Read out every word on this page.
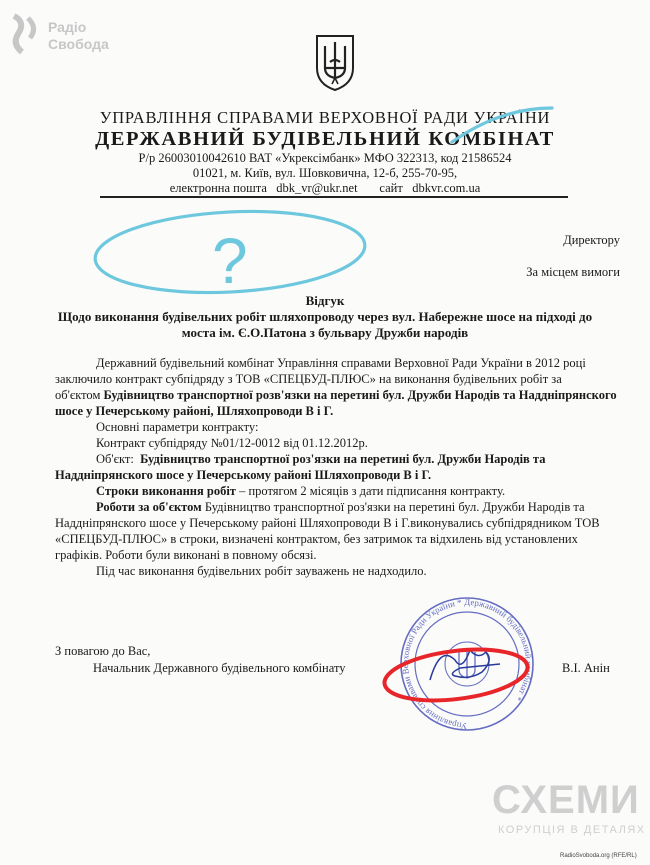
Радіо
Свобода
УПРАВЛІННЯ СПРАВАМИ ВЕРХОВНОЇ РАДИ УКРАЇНИ
ДЕРЖАВНИЙ БУДІВЕЛЬНИЙ КОМБІНАТ
Р/р 26003010042610 ВАТ «Укрексімбанк» МФО 322313, код 21586524
01021, м. Київ, вул. Шовковична, 12-б, 255-70-95,
електронна пошта dbk_vr@ukr.net сайт dbkvr.com.ua
Директору
За місцем вимоги
Відгук
Щодо виконання будівельних робіт шляхопроводу через вул. Набережне шосе на підході до
моста ім. Є.О.Патона з бульвару Дружби народів
Державний будівельний комбінат Управління справами Верховної Ради України в 2012 році
заключило контракт субпідряду з ТОВ «СПЕЦБУД-ПЛЮС» на виконання будівельних робіт за
об'єктом Будівництво транспортної розв'язки на перетині бул. Дружби Народів та Наддніпрянского
шосе у Печерському районі, Шляхопроводи В і Г.
Основні параметри контракту:
Контракт субпідряду №01/12-0012 від 01.12.2012р.
Об'єкт: Будівництво транспортної роз'язки на перетині бул. Дружби Народів та
Наддніпрянского шосе у Печерському районі Шляхопроводи В і Г.
Строки виконання робіт – протягом 2 місяців з дати підписання контракту.
Роботи за об'єктом Будівництво транспортної роз'язки на перетині бул. Дружби Народів та
Наддніпрянского шосе у Печерському районі Шляхопроводи В і Г.виконувались субпідрядником ТОВ
«СПЕЦБУД-ПЛЮС» в строки, визначені контрактом, без затримок та відхилень від установлених
графіків. Роботи були виконані в повному обсязі.
Під час виконання будівельних робіт зауважень не надходило.
З повагою до Вас,
Начальник Державного будівельного комбінату	В.І. Анін
?
Управління справами Верховної Ради України * Державний будівельний комбінат *
СХЕМИ
КОРУПЦІЯ В ДЕТАЛЯХ
RadioSvoboda.org (RFE/RL)
